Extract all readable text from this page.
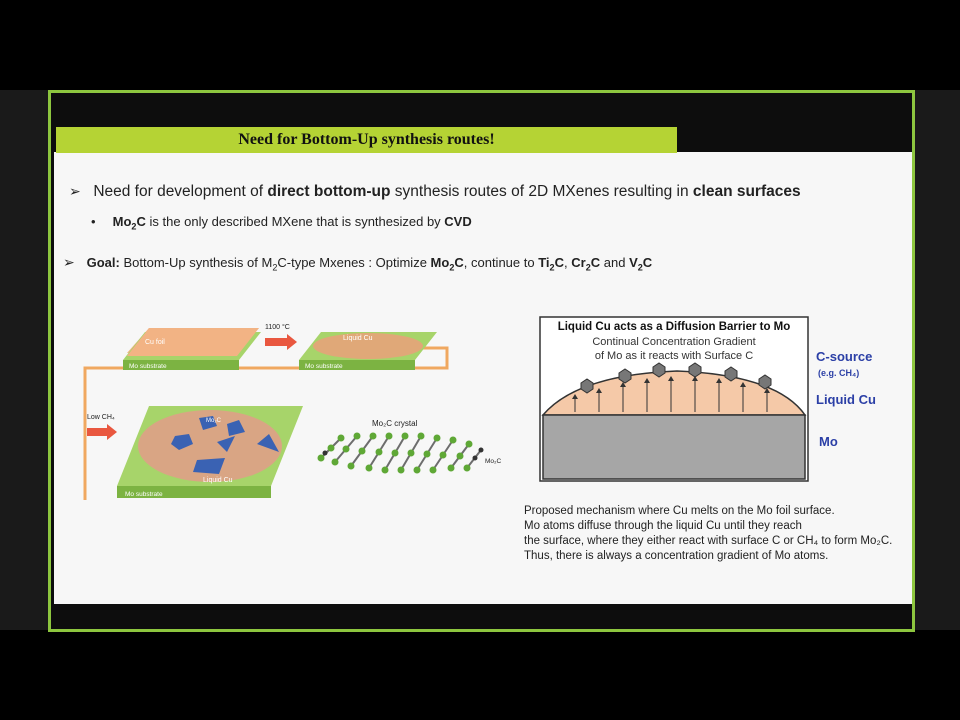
Need for Bottom-Up synthesis routes!
➢ Need for development of direct bottom-up synthesis routes of 2D MXenes resulting in clean surfaces
• $Mo_2C$ is the only described MXene that is synthesized by CVD
➢ Goal: Bottom-Up synthesis of $M_2C$-type Mxenes : Optimize $Mo_2C$, continue to $Ti_2C$, $Cr_2C$ and $V_2C$
Cu foil
Mo substrate
1100 °C
Liquid Cu
Mo substrate
Low CH₄	Mo₂C
Liquid Cu
Mo substrate
Mo₂C crystal
Mo₂C
Liquid Cu acts as a Diffusion Barrier to Mo
Continual Concentration Gradient
of Mo as it reacts with Surface C	C-source
(e.g. CH₄)
Liquid Cu
Mo
Proposed mechanism where Cu melts on the Mo foil surface.
Mo atoms diffuse through the liquid Cu until they reach
the surface, where they either react with surface C or CH₄ to form Mo₂C.
Thus, there is always a concentration gradient of Mo atoms.
